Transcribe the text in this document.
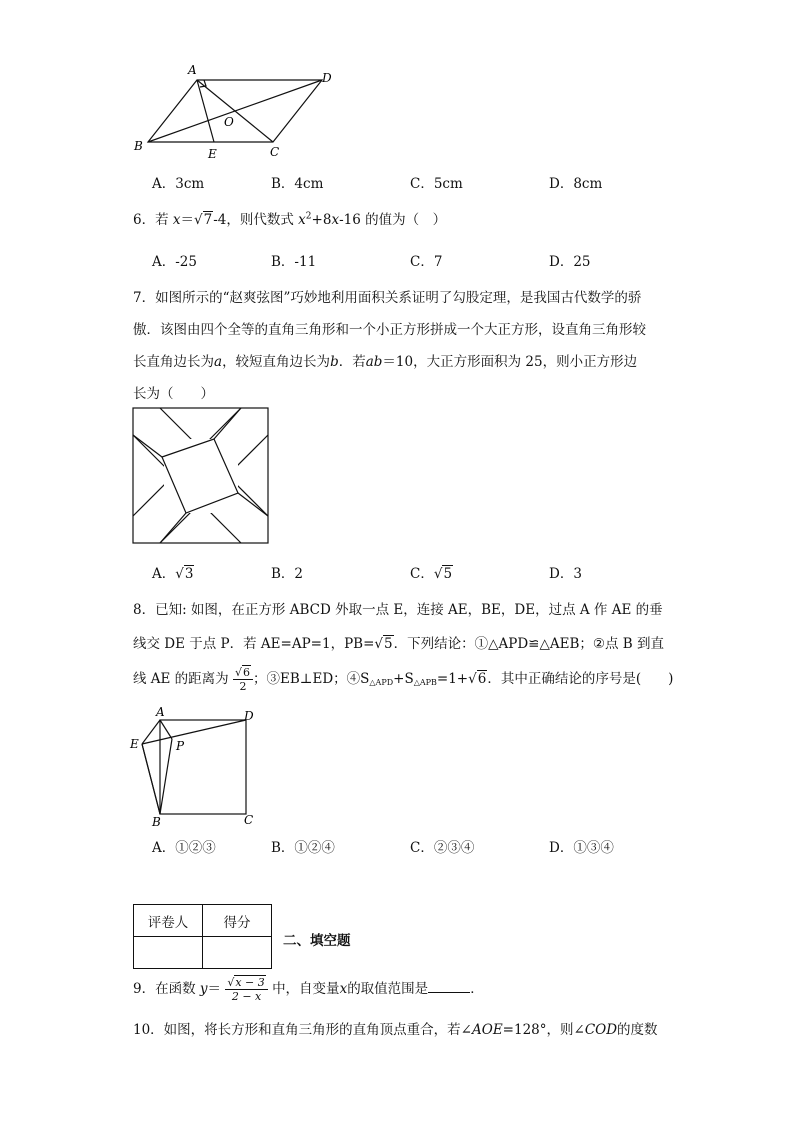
A
D
O
B
E	C
A．3cm	B．4cm	C．5cm	D．8cm
6．若 x＝√7-4，则代数式 $x^2+8x-16$ 的值为（　）
A．-25	B．-11	C．7	D．25
7．如图所示的“赵爽弦图”巧妙地利用面积关系证明了勾股定理，是我国古代数学的骄
傲．该图由四个全等的直角三角形和一个小正方形拼成一个大正方形，设直角三角形较
长直角边长为a，较短直角边长为b．若ab＝10，大正方形面积为 25，则小正方形边
长为（　　）
A．√3	B．2	C．√5	D．3
8．已知: 如图，在正方形 ABCD 外取一点 E，连接 AE，BE，DE，过点 A 作 AE 的垂
线交 DE 于点 P．若 AE=AP=1，PB=√5．下列结论：①△APD≌△AEB；②点 B 到直
线 AE 的距离为 $\frac{√6}{2}$ ；③EB⊥ED；$④S_{\triangle APD}+S_{\triangle APB}=1+√6$．其中正确结论的序号是(　　)
A	D
E	P
B	C
A．①②③	B．①②④	C．②③④	D．①③④
评卷人	得分

二、填空题
9．在函数 $y= \frac{√x - 3}{2 - x}$ 中，自变量x的取值范围是	．
10．如图，将长方形和直角三角形的直角顶点重合，若∠AOE=128°，则∠COD的度数
